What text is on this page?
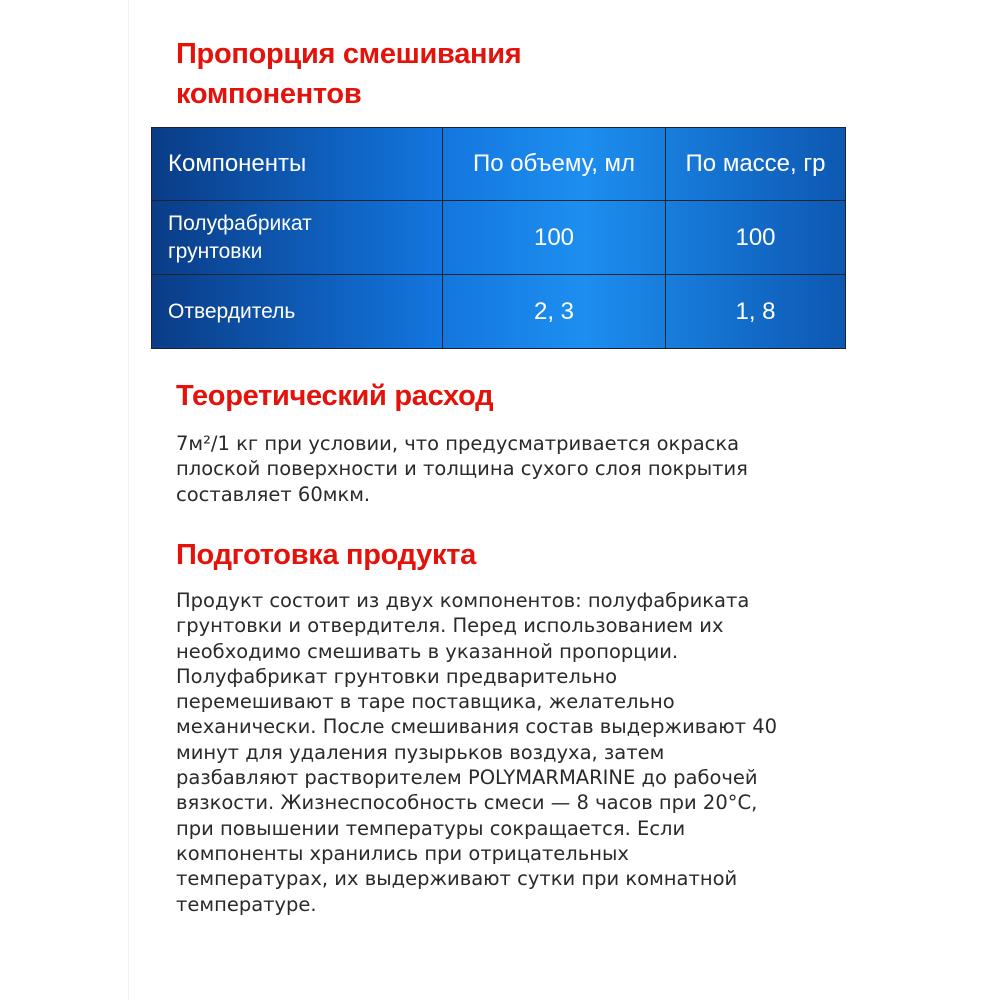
Пропорция смешивания
компонентов
Компоненты	По объему, мл	По массе, гр
Полуфабрикат
грунтовки	100	100
Отвердитель	2, 3	1, 8
Теоретический расход

7м²/1 кг при условии, что предусматривается окраска
плоской поверхности и толщина сухого слоя покрытия
составляет 60мкм.

Подготовка продукта

Продукт состоит из двух компонентов: полуфабриката
грунтовки и отвердителя. Перед использованием их
необходимо смешивать в указанной пропорции.
Полуфабрикат грунтовки предварительно
перемешивают в таре поставщика, желательно
механически. После смешивания состав выдерживают 40
минут для удаления пузырьков воздуха, затем
разбавляют растворителем POLYMARMARINE до рабочей
вязкости. Жизнеспособность смеси — 8 часов при 20°C,
при повышении температуры сокращается. Если
компоненты хранились при отрицательных
температурах, их выдерживают сутки при комнатной
температуре.
